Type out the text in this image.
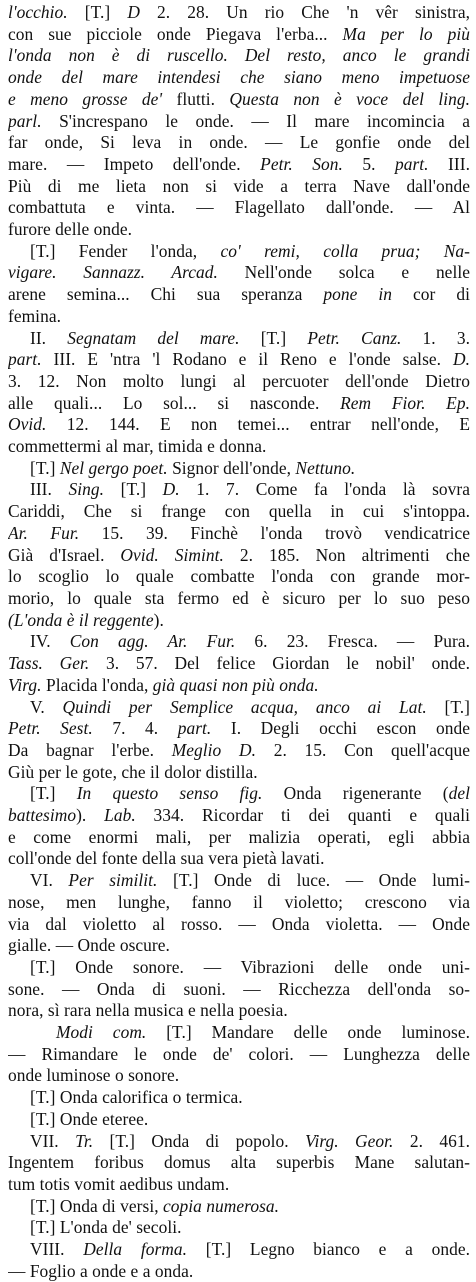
l'occhio. [T.] D 2. 28. Un rio Che 'n vêr sinistra,
con sue picciole onde Piegava l'erba... Ma per lo più
l'onda non è di ruscello. Del resto, anco le grandi
onde del mare intendesi che siano meno impetuose
e meno grosse de' flutti. Questa non è voce del ling.
parl. S'increspano le onde. — Il mare incomincia a
far onde, Si leva in onde. — Le gonfie onde del
mare. — Impeto dell'onde. Petr. Son. 5. part. III.
Più di me lieta non si vide a terra Nave dall'onde
combattuta e vinta. — Flagellato dall'onde. — Al
furore delle onde.
[T.] Fender l'onda, co' remi, colla prua; Na-
vigare. Sannazz. Arcad. Nell'onde solca e nelle
arene semina... Chi sua speranza pone in cor di
femina.
II. Segnatam del mare. [T.] Petr. Canz. 1. 3.
part. III. E 'ntra 'l Rodano e il Reno e l'onde salse. D.
3. 12. Non molto lungi al percuoter dell'onde Dietro
alle quali... Lo sol... si nasconde. Rem Fior. Ep.
Ovid. 12. 144. E non temei... entrar nell'onde, E
commettermi al mar, timida e donna.
[T.] Nel gergo poet. Signor dell'onde, Nettuno.
III. Sing. [T.] D. 1. 7. Come fa l'onda là sovra
Cariddi, Che si frange con quella in cui s'intoppa.
Ar. Fur. 15. 39. Finchè l'onda trovò vendicatrice
Già d'Israel. Ovid. Simint. 2. 185. Non altrimenti che
lo scoglio lo quale combatte l'onda con grande mor-
morio, lo quale sta fermo ed è sicuro per lo suo peso
(L'onda è il reggente).
IV. Con agg. Ar. Fur. 6. 23. Fresca. — Pura.
Tass. Ger. 3. 57. Del felice Giordan le nobil' onde.
Virg. Placida l'onda, già quasi non più onda.
V. Quindi per Semplice acqua, anco ai Lat. [T.]
Petr. Sest. 7. 4. part. I. Degli occhi escon onde
Da bagnar l'erbe. Meglio D. 2. 15. Con quell'acque
Giù per le gote, che il dolor distilla.
[T.] In questo senso fig. Onda rigenerante (del
battesimo). Lab. 334. Ricordar ti dei quanti e quali
e come enormi mali, per malizia operati, egli abbia
coll'onde del fonte della sua vera pietà lavati.
VI. Per similit. [T.] Onde di luce. — Onde lumi-
nose, men lunghe, fanno il violetto; crescono via
via dal violetto al rosso. — Onda violetta. — Onde
gialle. — Onde oscure.
[T.] Onde sonore. — Vibrazioni delle onde uni-
sone. — Onda di suoni. — Ricchezza dell'onda so-
nora, sì rara nella musica e nella poesia.
Modi com. [T.] Mandare delle onde luminose.
— Rimandare le onde de' colori. — Lunghezza delle
onde luminose o sonore.
[T.] Onda calorifica o termica.
[T.] Onde eteree.
VII. Tr. [T.] Onda di popolo. Virg. Geor. 2. 461.
Ingentem foribus domus alta superbis Mane salutan-
tum totis vomit aedibus undam.
[T.] Onda di versi, copia numerosa.
[T.] L'onda de' secoli.
VIII. Della forma. [T.] Legno bianco e a onde.
— Foglio a onde e a onda.
